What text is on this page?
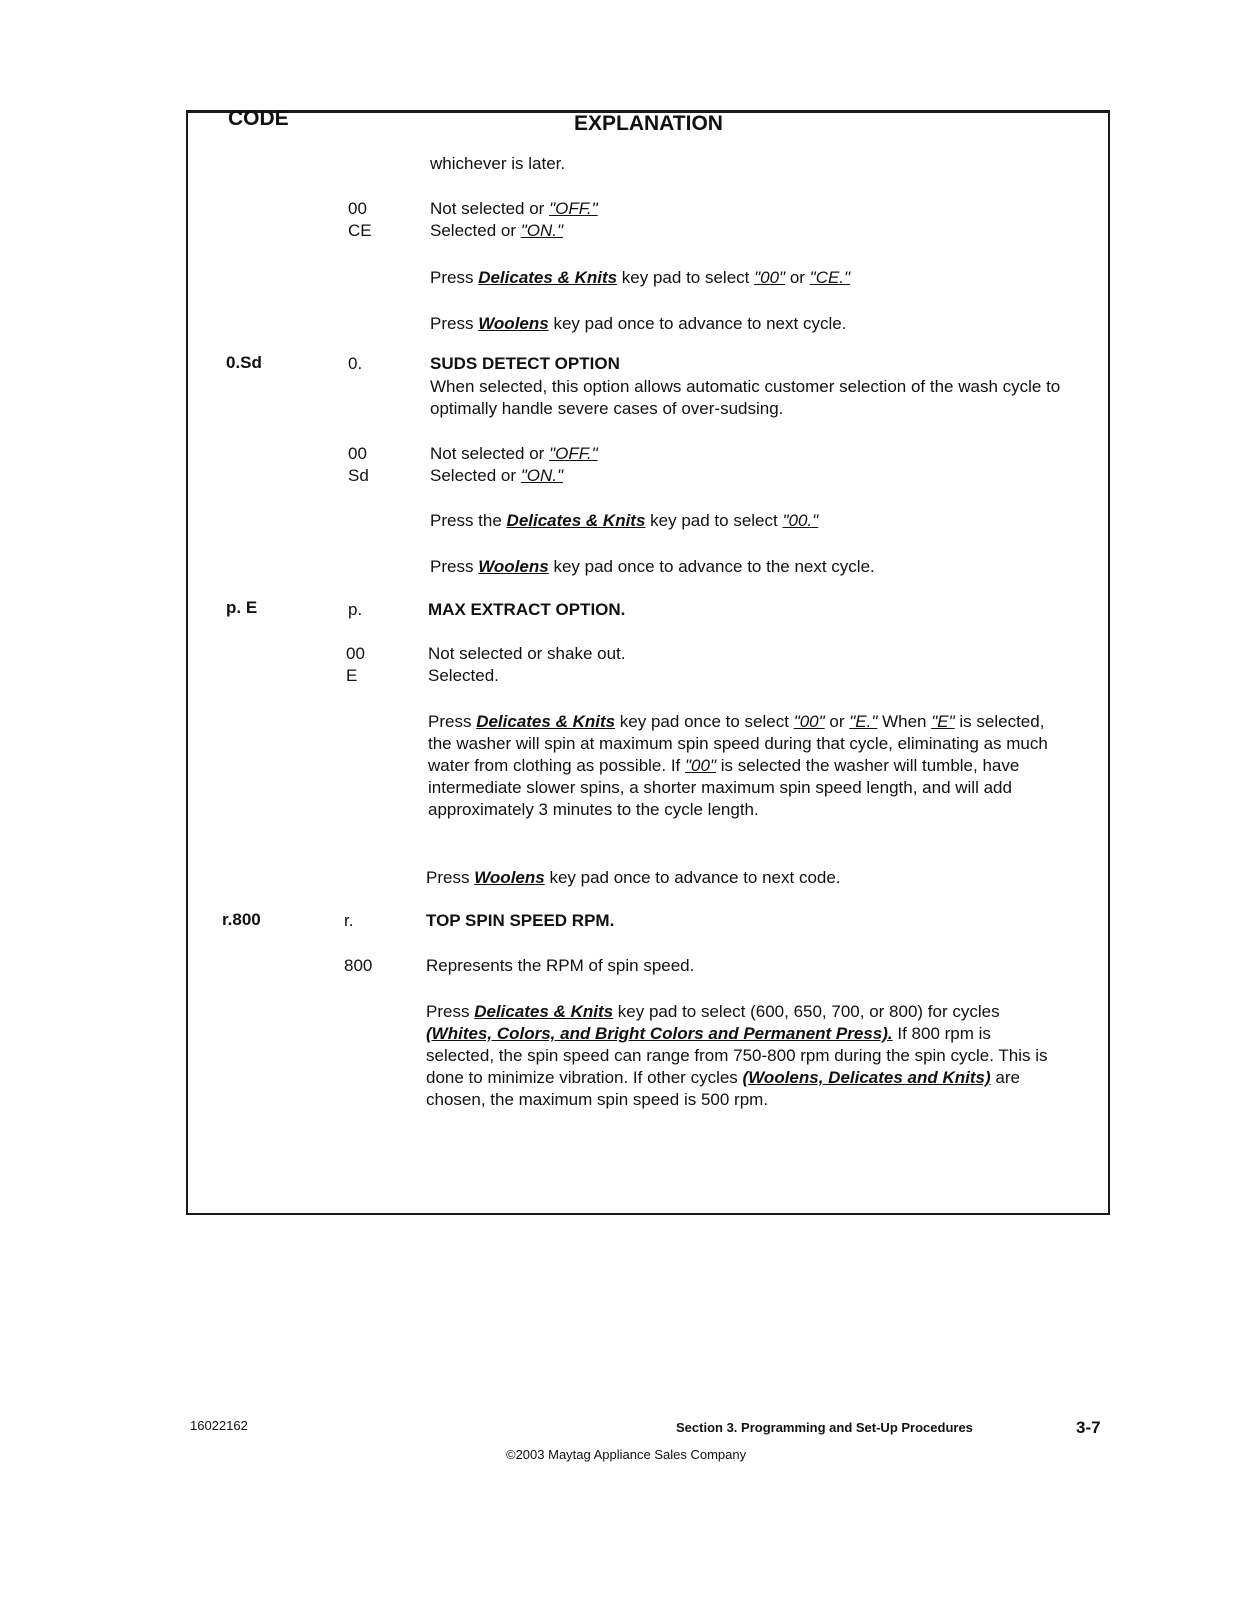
CODE	EXPLANATION
whichever is later.
00	Not selected or "OFF."
CE	Selected or "ON."
Press Delicates & Knits key pad to select "00" or "CE."
Press Woolens key pad once to advance to next cycle.
0.Sd	0.	SUDS DETECT OPTION
When selected, this option allows automatic customer selection of the wash cycle to optimally handle severe cases of over-sudsing.
00	Not selected or "OFF."
Sd	Selected or "ON."
Press the Delicates & Knits key pad to select "00."
Press Woolens key pad once to advance to the next cycle.
p. E	p.	MAX EXTRACT OPTION.
00	Not selected or shake out.
E	Selected.
Press Delicates & Knits key pad once to select "00" or "E." When "E" is selected, the washer will spin at maximum spin speed during that cycle, eliminating as much water from clothing as possible. If "00" is selected the washer will tumble, have intermediate slower spins, a shorter maximum spin speed length, and will add approximately 3 minutes to the cycle length.
Press Woolens key pad once to advance to next code.
r.800	r.	TOP SPIN SPEED RPM.
800	Represents the RPM of spin speed.
Press Delicates & Knits key pad to select (600, 650, 700, or 800) for cycles (Whites, Colors, and Bright Colors and Permanent Press). If 800 rpm is selected, the spin speed can range from 750-800 rpm during the spin cycle. This is done to minimize vibration. If other cycles (Woolens, Delicates and Knits) are chosen, the maximum spin speed is 500 rpm.
16022162	Section 3. Programming and Set-Up Procedures	3-7
©2003 Maytag Appliance Sales Company
